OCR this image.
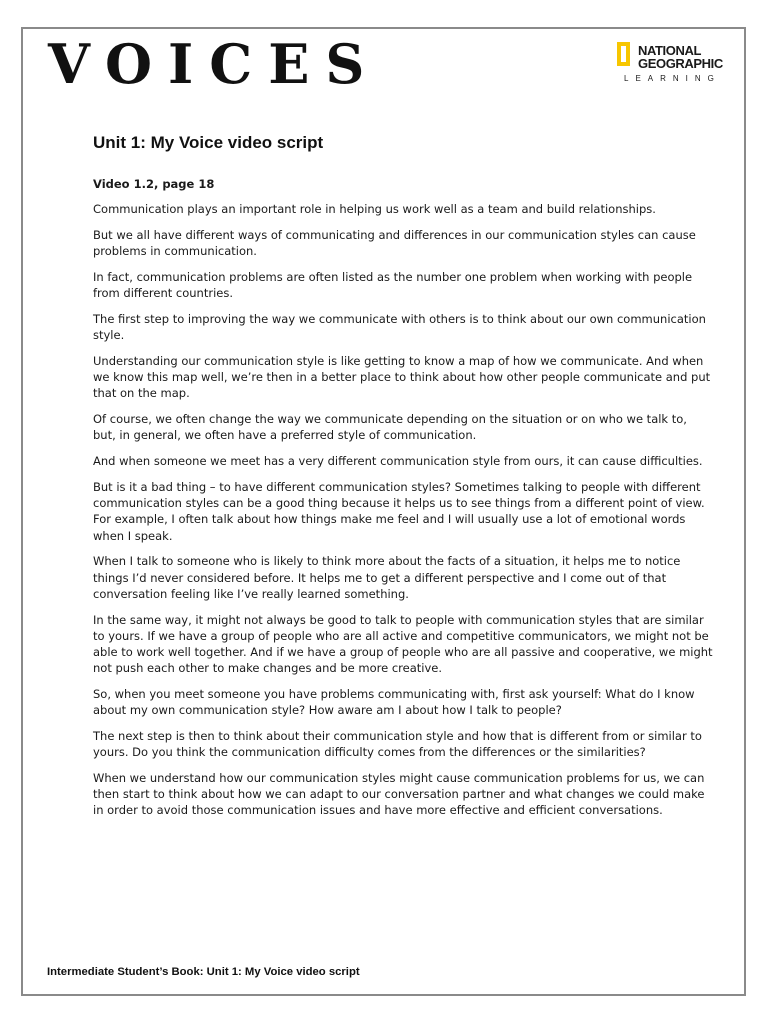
VOICES	NATIONAL
GEOGRAPHIC
LEARNING
Unit 1: My Voice video script
Video 1.2, page 18

Communication plays an important role in helping us work well as a team and build relationships.

But we all have different ways of communicating and differences in our communication styles can cause problems in communication.

In fact, communication problems are often listed as the number one problem when working with people from different countries.

The first step to improving the way we communicate with others is to think about our own communication style.

Understanding our communication style is like getting to know a map of how we communicate. And when we know this map well, we’re then in a better place to think about how other people communicate and put that on the map.

Of course, we often change the way we communicate depending on the situation or on who we talk to, but, in general, we often have a preferred style of communication.

And when someone we meet has a very different communication style from ours, it can cause difficulties.

But is it a bad thing – to have different communication styles? Sometimes talking to people with different communication styles can be a good thing because it helps us to see things from a different point of view. For example, I often talk about how things make me feel and I will usually use a lot of emotional words when I speak.

When I talk to someone who is likely to think more about the facts of a situation, it helps me to notice things I’d never considered before. It helps me to get a different perspective and I come out of that conversation feeling like I’ve really learned something.

In the same way, it might not always be good to talk to people with communication styles that are similar to yours. If we have a group of people who are all active and competitive communicators, we might not be able to work well together. And if we have a group of people who are all passive and cooperative, we might not push each other to make changes and be more creative.

So, when you meet someone you have problems communicating with, first ask yourself: What do I know about my own communication style? How aware am I about how I talk to people?

The next step is then to think about their communication style and how that is different from or similar to yours. Do you think the communication difficulty comes from the differences or the similarities?

When we understand how our communication styles might cause communication problems for us, we can then start to think about how we can adapt to our conversation partner and what changes we could make in order to avoid those communication issues and have more effective and efficient conversations.

Intermediate Student’s Book: Unit 1: My Voice video script
